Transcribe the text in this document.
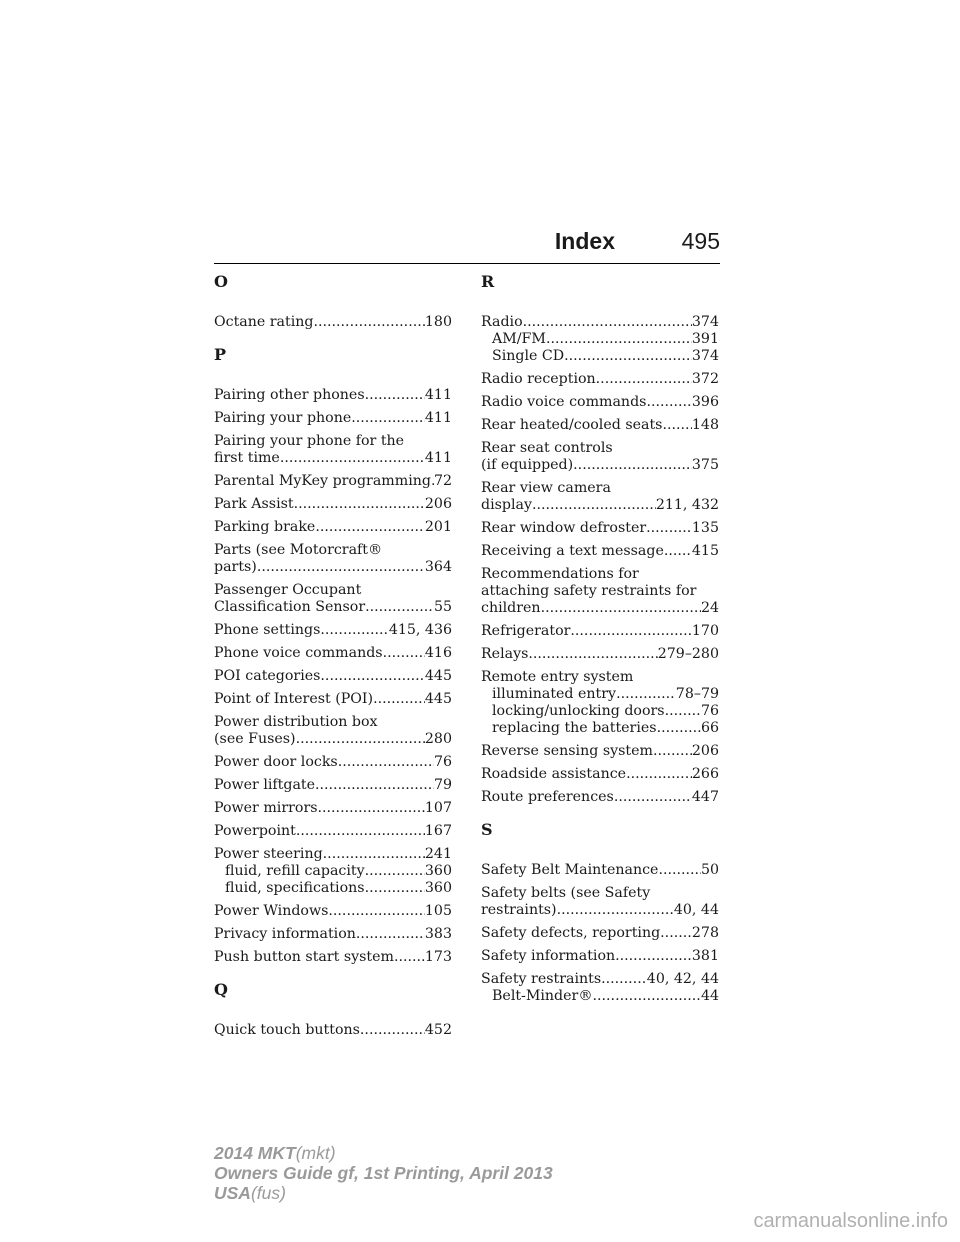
Index	495
O
Octane rating .....	180
P
Pairing other phones .....	411
Pairing your phone .....	411
Pairing your phone for the
first time .....	411
Parental MyKey programming ..... 72
Park Assist .....	206
Parking brake .....	201
Parts (see Motorcraft®
parts) .....	364
Passenger Occupant
Classification Sensor .....	55
Phone settings .....	415, 436
Phone voice commands .....	416
POI categories .....	445
Point of Interest (POI) .....	445
Power distribution box
(see Fuses) .....	280
Power door locks .....	76
Power liftgate .....	79
Power mirrors .....	107
Powerpoint .....	167
Power steering .....	241
fluid, refill capacity .....	360
fluid, specifications .....	360
Power Windows .....	105
Privacy information .....	383
Push button start system ..... 173
Q
Quick touch buttons .....	452
R
Radio .....	374
AM/FM .....	391
Single CD .....	374
Radio reception .....	372
Radio voice commands .....	396
Rear heated/cooled seats ..... 148
Rear seat controls
(if equipped) .....	375
Rear view camera
display .....	211, 432
Rear window defroster .....	135
Receiving a text message ..... 415
Recommendations for
attaching safety restraints for
children .....	24
Refrigerator .....	170
Relays .....	279–280
Remote entry system
illuminated entry .....	78–79
locking/unlocking doors .....	76
replacing the batteries .....	66
Reverse sensing system .....	206
Roadside assistance .....	266
Route preferences .....	447
S
Safety Belt Maintenance .....	50
Safety belts (see Safety
restraints) .....	40, 44
Safety defects, reporting ..... 278
Safety information .....	381
Safety restraints .....	40, 42, 44
Belt-Minder® .....	44
2014 MKT(mkt)
Owners Guide gf, 1st Printing, April 2013
USA(fus)
carmanualsonline.info
